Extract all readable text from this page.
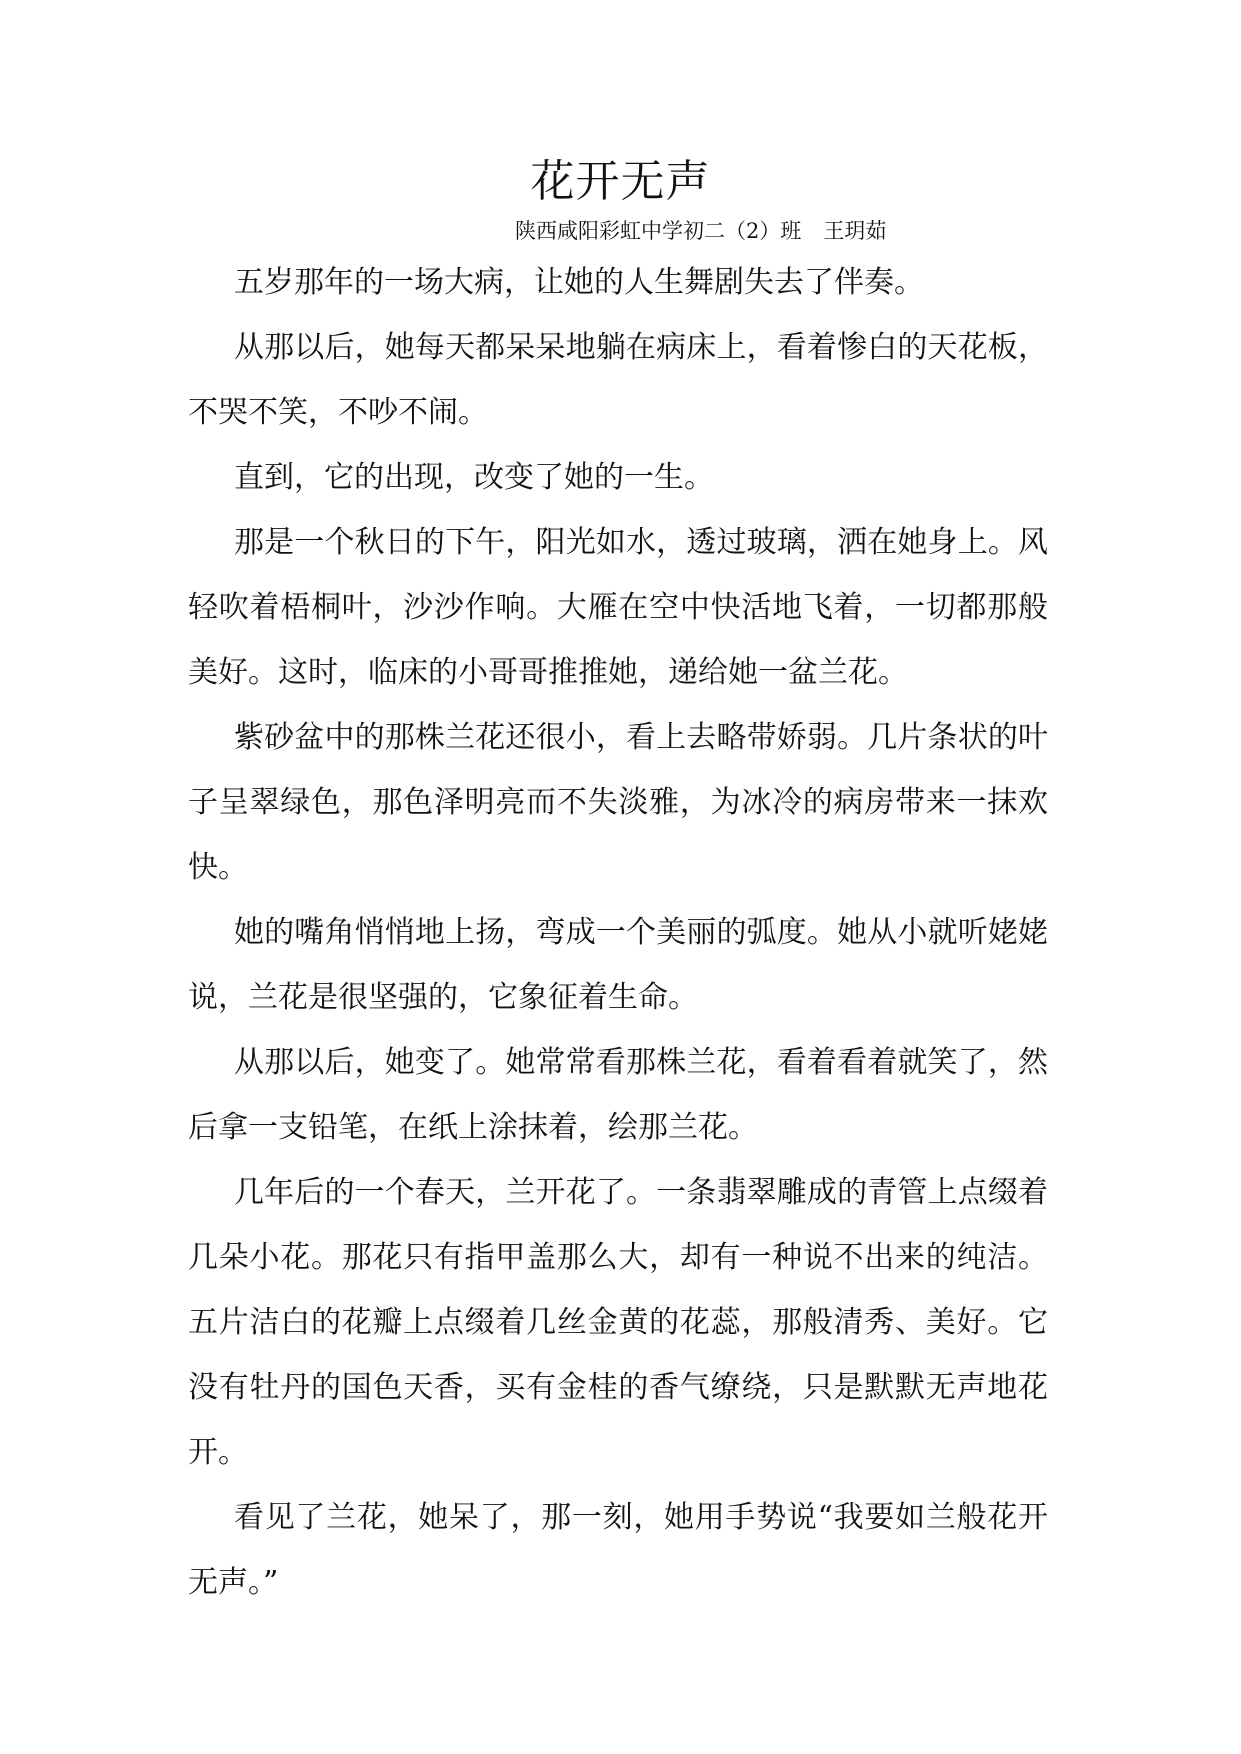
花开无声

陕西咸阳彩虹中学初二（2）班 王玥茹

五岁那年的一场大病，让她的人生舞剧失去了伴奏。

从那以后，她每天都呆呆地躺在病床上，看着惨白的天花板，不哭不笑，不吵不闹。

直到，它的出现，改变了她的一生。

那是一个秋日的下午，阳光如水，透过玻璃，洒在她身上。风轻吹着梧桐叶，沙沙作响。大雁在空中快活地飞着，一切都那般美好。这时，临床的小哥哥推推她，递给她一盆兰花。

紫砂盆中的那株兰花还很小，看上去略带娇弱。几片条状的叶子呈翠绿色，那色泽明亮而不失淡雅，为冰冷的病房带来一抹欢快。

她的嘴角悄悄地上扬，弯成一个美丽的弧度。她从小就听姥姥说，兰花是很坚强的，它象征着生命。

从那以后，她变了。她常常看那株兰花，看着看着就笑了，然后拿一支铅笔，在纸上涂抹着，绘那兰花。

几年后的一个春天，兰开花了。一条翡翠雕成的青管上点缀着几朵小花。那花只有指甲盖那么大，却有一种说不出来的纯洁。五片洁白的花瓣上点缀着几丝金黄的花蕊，那般清秀、美好。它没有牡丹的国色天香，买有金桂的香气缭绕，只是默默无声地花开。

看见了兰花，她呆了，那一刻，她用手势说“我要如兰般花开无声。”
